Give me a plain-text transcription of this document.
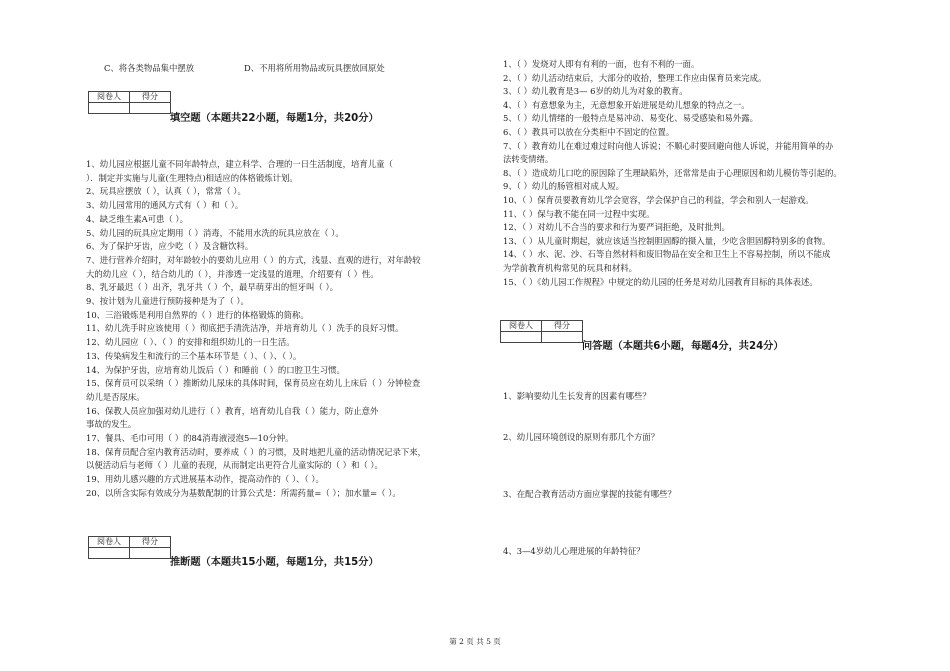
C、将各类物品集中摆放	D、不用将所用物品或玩具摆放回原处
阅卷人	得分

填空题（本题共22小题，每题1分，共20分）
1、幼儿园应根据儿童不同年龄特点，建立科学、合理的一日生活制度，培育儿童（
）．制定并实施与儿童(生理特点)相适应的体格锻炼计划。
2、玩具应摆放（ ），认真（ ），常常（ ）。
3、幼儿园常用的通风方式有（ ）和（ ）。
4、缺乏维生素A可患（ ）。
5、幼儿园的玩具应定期用（ ）消毒，不能用水洗的玩具应放在（ ）。
6、为了保护牙齿，应少吃（ ）及含糖饮料。
7、进行营养介绍时，对年龄较小的要幼儿应用（ ）的方式，浅显、直观的进行，对年龄较
大的幼儿应（ ），结合幼儿的（ ），并渗透一定浅显的道理，介绍要有（ ）性。
8、乳牙最迟（ ）出齐，乳牙共（ ）个，最早萌芽出的恒牙叫（ ）。
9、按计划为儿童进行预防接种是为了（ ）。
10、三浴锻炼是利用自然界的（ ）进行的体格锻炼的简称。
11、幼儿洗手时应该使用（ ）彻底把手清洗洁净，并培育幼儿（ ）洗手的良好习惯。
12、幼儿园应（ ）、（ ）的安排和组织幼儿的一日生活。
13、传染病发生和流行的三个基本环节是（ ）、（ ）、（ ）。
14、为保护牙齿，应培育幼儿饭后（ ）和睡前（ ）的口腔卫生习惯。
15、保育员可以采纳（ ）推断幼儿尿床的具体时间，保育员应在幼儿上床后（ ）分钟检查
幼儿是否尿床。
16、保教人员应加强对幼儿进行（ ）教育，培育幼儿自我（ ）能力，防止意外
事故的发生。
17、餐具、毛巾可用（ ）的84消毒液浸泡5—10分钟。
18、保育员配合室内教育活动时，要养成（ ）的习惯，及时地把儿童的活动情况记录下来，
以便活动后与老师（ ）儿童的表现，从而制定出更符合儿童实际的（ ）和（ ）。
19、用幼儿感兴趣的方式进展基本动作，提高动作的（ ）、（ ）。
20、以所含实际有效成分为基数配制的计算公式是：所需药量=（ ）；加水量=（ ）。
阅卷人	得分

推断题（本题共15小题，每题1分，共15分）
1、（ ）发烧对人即有有利的一面，也有不利的一面。
2、（ ）幼儿活动结束后，大部分的收拾，整理工作应由保育员来完成。
3、（ ）幼儿教育是3— 6岁的幼儿为对象的教育。
4、（ ）有意想象为主，无意想象开始进展是幼儿想象的特点之一。
5、（ ）幼儿情绪的一般特点是易冲动、易变化、易受感染和易外露。
6、（ ）教具可以放在分类柜中不固定的位置。
7、（ ）教育幼儿在难过难过时向他人诉说；不顺心时要回避向他人诉说，并能用简单的办
法转变情绪。
8、（ ）造成幼儿口吃的原因除了生理缺陷外，还常常是由于心理原因和幼儿模仿等引起的。
9、（ ）幼儿的肠管相对成人短。
10、（ ）保育员要教育幼儿学会宽容，学会保护自己的利益，学会和别人一起游戏。
11、（ ）保与教不能在同一过程中实现。
12、（ ）对幼儿不合当的要求和行为要严词拒绝，及时批判。
13、（ ）从儿童时期起，就应该适当控制胆固醇的摄入量，少吃含胆固醇特别多的食物。
14、（ ）水、泥、沙、石等自然材料和废旧物品在安全和卫生上不容易控制，所以不能成
为学前教育机构常见的玩具和材料。
15、（ ）《幼儿园工作规程》中规定的幼儿园的任务是对幼儿园教育目标的具体表述。
阅卷人	得分

问答题（本题共6小题，每题4分，共24分）
1、影响要幼儿生长发育的因素有哪些？
2、幼儿园环境创设的原则有那几个方面？
3、在配合教育活动方面应掌握的技能有哪些？
4、3—4岁幼儿心理进展的年龄特征？
第 2 页 共 5 页
